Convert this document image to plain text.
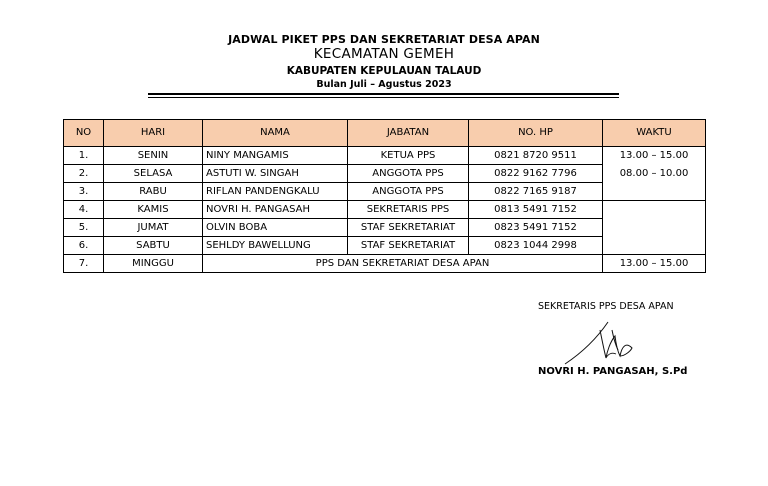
JADWAL PIKET PPS DAN SEKRETARIAT DESA APAN
KECAMATAN GEMEH
KABUPATEN KEPULAUAN TALAUD
Bulan Juli – Agustus 2023
NO	HARI	NAMA	JABATAN	NO. HP	WAKTU
1.	SENIN	NINY MANGAMIS	KETUA PPS	0821 8720 9511	13.00 – 15.00
2.	SELASA	ASTUTI W. SINGAH	ANGGOTA PPS	0822 9162 7796	08.00 – 10.00
3.	RABU	RIFLAN PANDENGKALU	ANGGOTA PPS	0822 7165 9187	
4.	KAMIS	NOVRI H. PANGASAH	SEKRETARIS PPS	0813 5491 7152	
5.	JUMAT	OLVIN BOBA	STAF SEKRETARIAT	0823 5491 7152	
6.	SABTU	SEHLDY BAWELLUNG	STAF SEKRETARIAT	0823 1044 2998	
7.	MINGGU	PPS DAN SEKRETARIAT DESA APAN			13.00 – 15.00
SEKRETARIS PPS DESA APAN
NOVRI H. PANGASAH, S.Pd
